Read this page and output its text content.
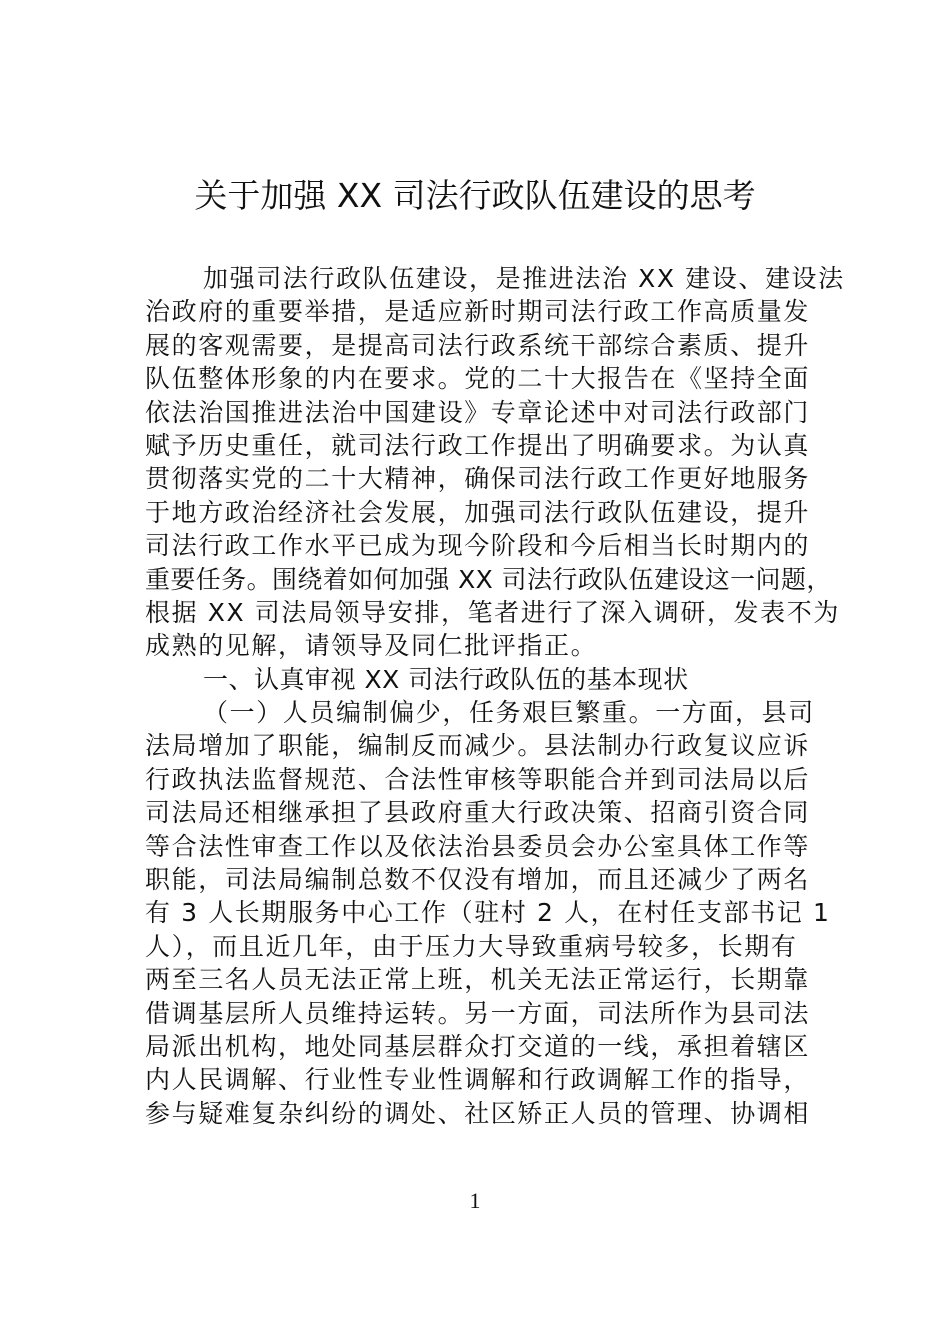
关于加强 XX 司法行政队伍建设的思考
加强司法行政队伍建设，是推进法治 XX 建设、建设法
治政府的重要举措，是适应新时期司法行政工作高质量发
展的客观需要，是提高司法行政系统干部综合素质、提升
队伍整体形象的内在要求。党的二十大报告在《坚持全面
依法治国推进法治中国建设》专章论述中对司法行政部门
赋予历史重任，就司法行政工作提出了明确要求。为认真
贯彻落实党的二十大精神，确保司法行政工作更好地服务
于地方政治经济社会发展，加强司法行政队伍建设，提升
司法行政工作水平已成为现今阶段和今后相当长时期内的
重要任务。围绕着如何加强 XX 司法行政队伍建设这一问题，
根据 XX 司法局领导安排，笔者进行了深入调研，发表不为
成熟的见解，请领导及同仁批评指正。
一、认真审视 XX 司法行政队伍的基本现状
（一）人员编制偏少，任务艰巨繁重。一方面，县司
法局增加了职能，编制反而减少。县法制办行政复议应诉
行政执法监督规范、合法性审核等职能合并到司法局以后
司法局还相继承担了县政府重大行政决策、招商引资合同
等合法性审查工作以及依法治县委员会办公室具体工作等
职能，司法局编制总数不仅没有增加，而且还减少了两名
有 3 人长期服务中心工作（驻村 2 人，在村任支部书记 1
人），而且近几年，由于压力大导致重病号较多，长期有
两至三名人员无法正常上班，机关无法正常运行，长期靠
借调基层所人员维持运转。另一方面，司法所作为县司法
局派出机构，地处同基层群众打交道的一线，承担着辖区
内人民调解、行业性专业性调解和行政调解工作的指导，
参与疑难复杂纠纷的调处、社区矫正人员的管理、协调相
1
